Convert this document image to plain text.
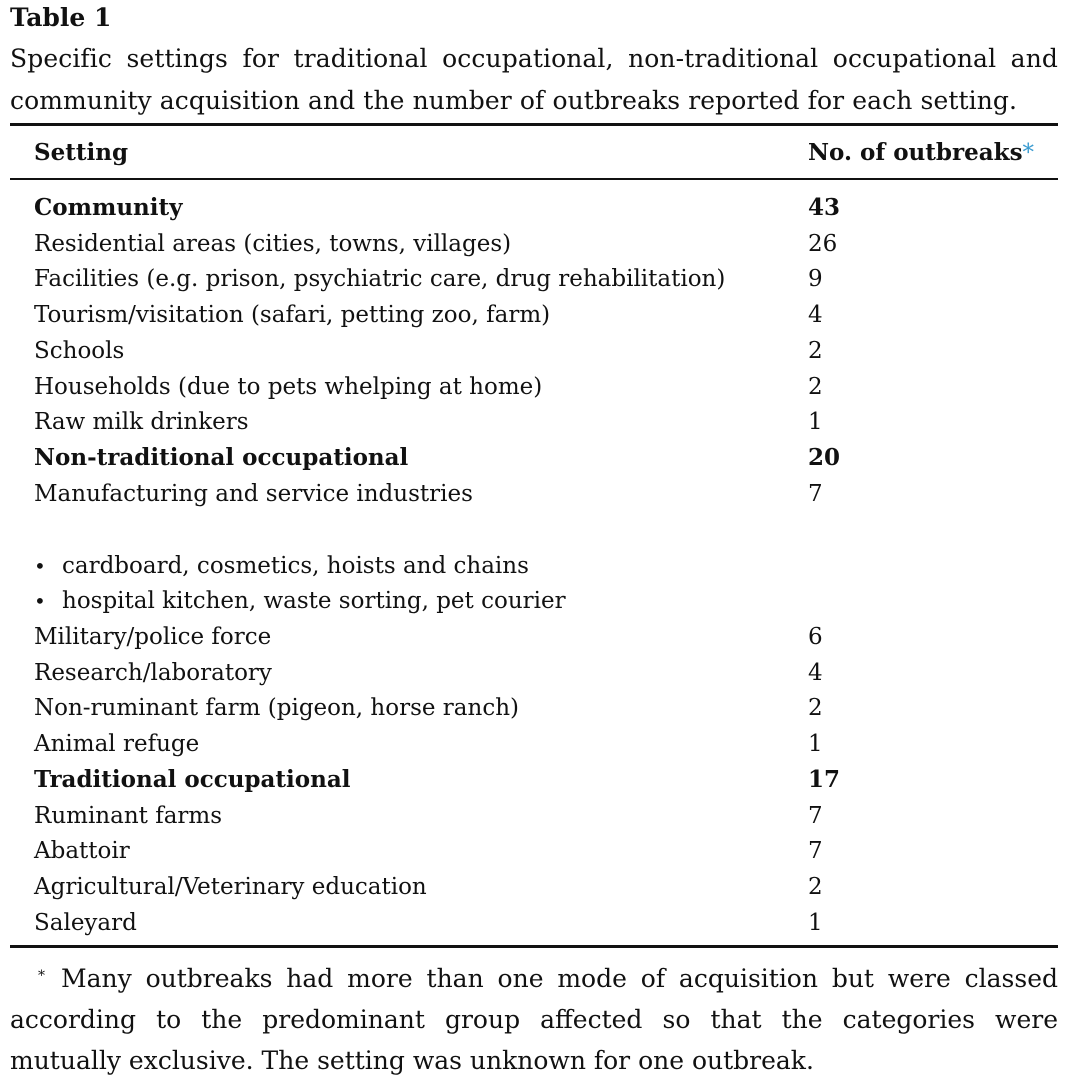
Table 1
Specific settings for traditional occupational, non-traditional occupational and
community acquisition and the number of outbreaks reported for each setting.
Setting	No. of outbreaks*
Community	43
Residential areas (cities, towns, villages)	26
Facilities (e.g. prison, psychiatric care, drug rehabilitation)	9
Tourism/visitation (safari, petting zoo, farm)	4
Schools	2
Households (due to pets whelping at home)	2
Raw milk drinkers	1
Non-traditional occupational	20
Manufacturing and service industries	7
• cardboard, cosmetics, hoists and chains
• hospital kitchen, waste sorting, pet courier
Military/police force	6
Research/laboratory	4
Non-ruminant farm (pigeon, horse ranch)	2
Animal refuge	1
Traditional occupational	17
Ruminant farms	7
Abattoir	7
Agricultural/Veterinary education	2
Saleyard	1
* Many outbreaks had more than one mode of acquisition but were classed
according to the predominant group affected so that the categories were
mutually exclusive. The setting was unknown for one outbreak.
